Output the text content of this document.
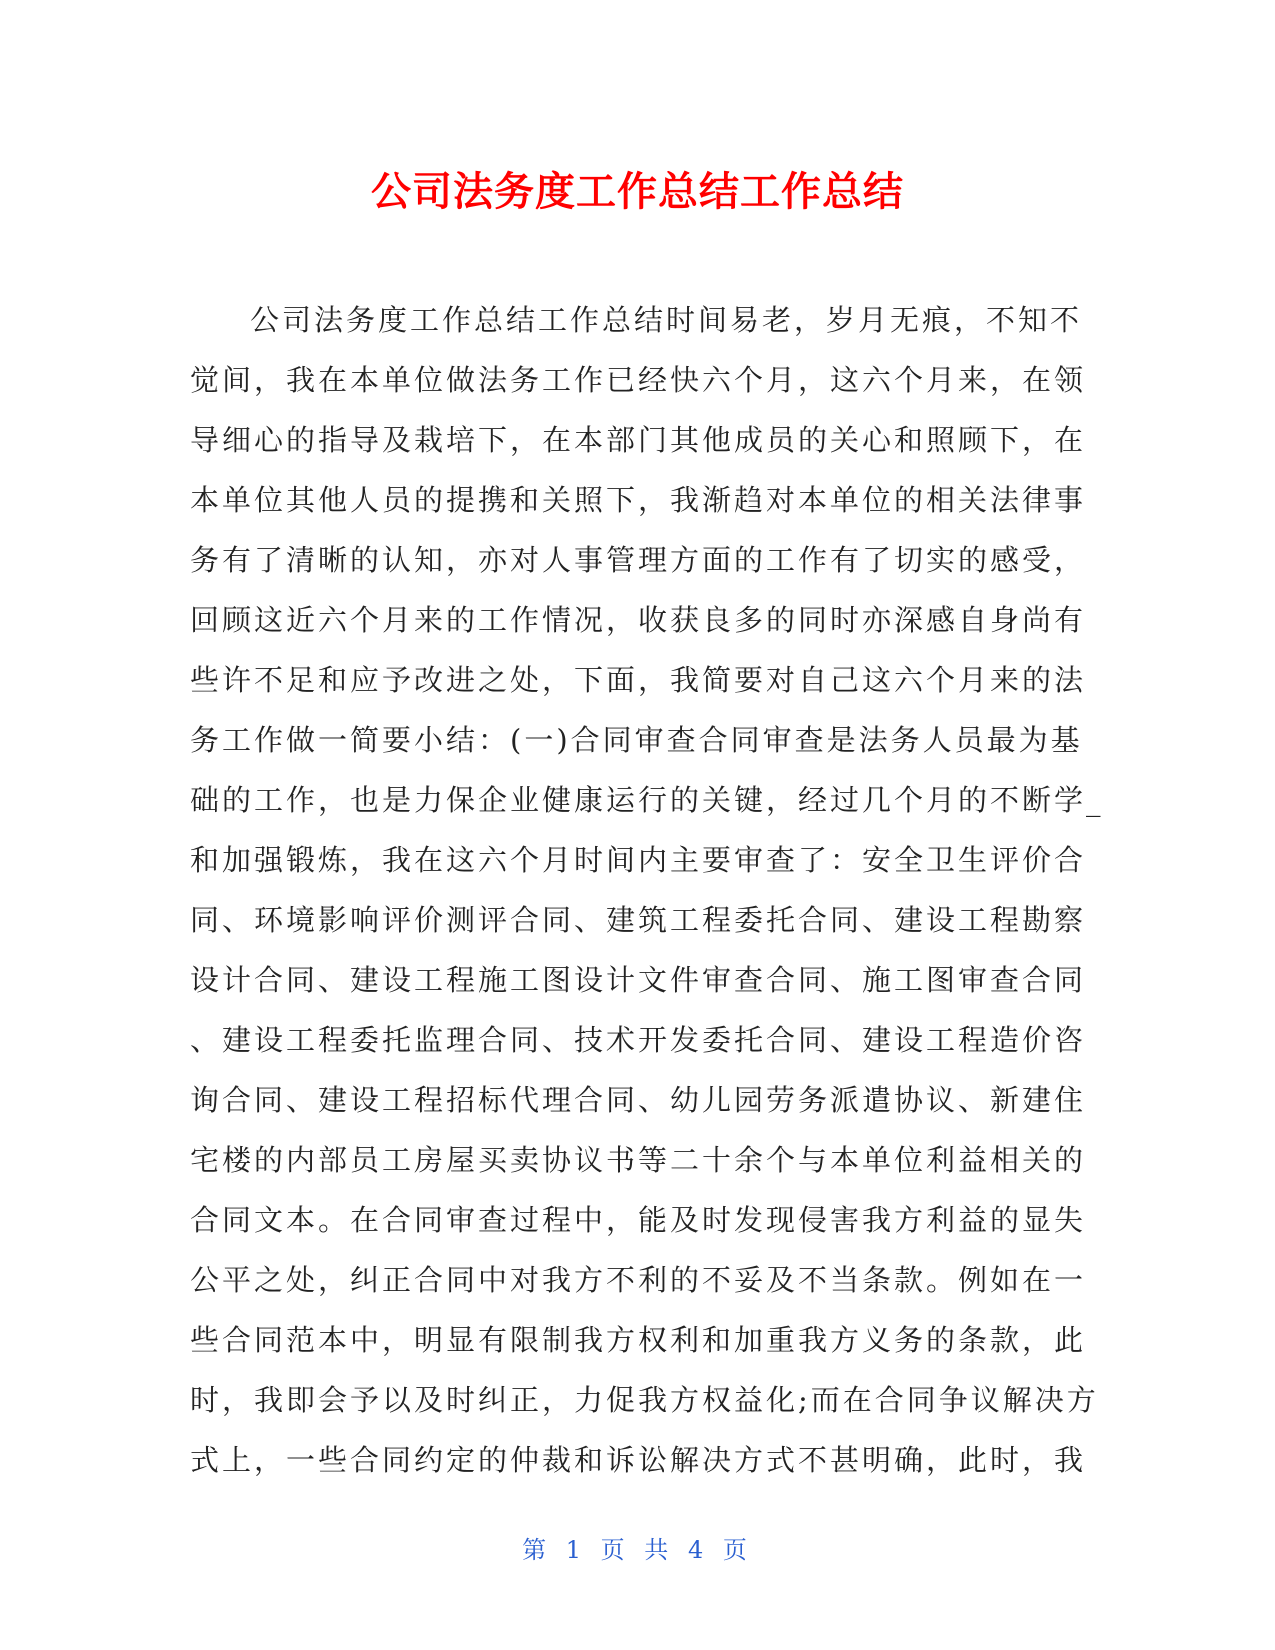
公司法务度工作总结工作总结
公司法务度工作总结工作总结时间易老，岁月无痕，不知不
觉间，我在本单位做法务工作已经快六个月，这六个月来，在领
导细心的指导及栽培下，在本部门其他成员的关心和照顾下，在
本单位其他人员的提携和关照下，我渐趋对本单位的相关法律事
务有了清晰的认知，亦对人事管理方面的工作有了切实的感受，
回顾这近六个月来的工作情况，收获良多的同时亦深感自身尚有
些许不足和应予改进之处，下面，我简要对自己这六个月来的法
务工作做一简要小结：(一)合同审查合同审查是法务人员最为基
础的工作，也是力保企业健康运行的关键，经过几个月的不断学_
和加强锻炼，我在这六个月时间内主要审查了：安全卫生评价合
同、环境影响评价测评合同、建筑工程委托合同、建设工程勘察
设计合同、建设工程施工图设计文件审查合同、施工图审查合同
、建设工程委托监理合同、技术开发委托合同、建设工程造价咨
询合同、建设工程招标代理合同、幼儿园劳务派遣协议、新建住
宅楼的内部员工房屋买卖协议书等二十余个与本单位利益相关的
合同文本。在合同审查过程中，能及时发现侵害我方利益的显失
公平之处，纠正合同中对我方不利的不妥及不当条款。例如在一
些合同范本中，明显有限制我方权利和加重我方义务的条款，此
时，我即会予以及时纠正，力促我方权益化;而在合同争议解决方
式上，一些合同约定的仲裁和诉讼解决方式不甚明确，此时，我
第 1 页 共 4 页
